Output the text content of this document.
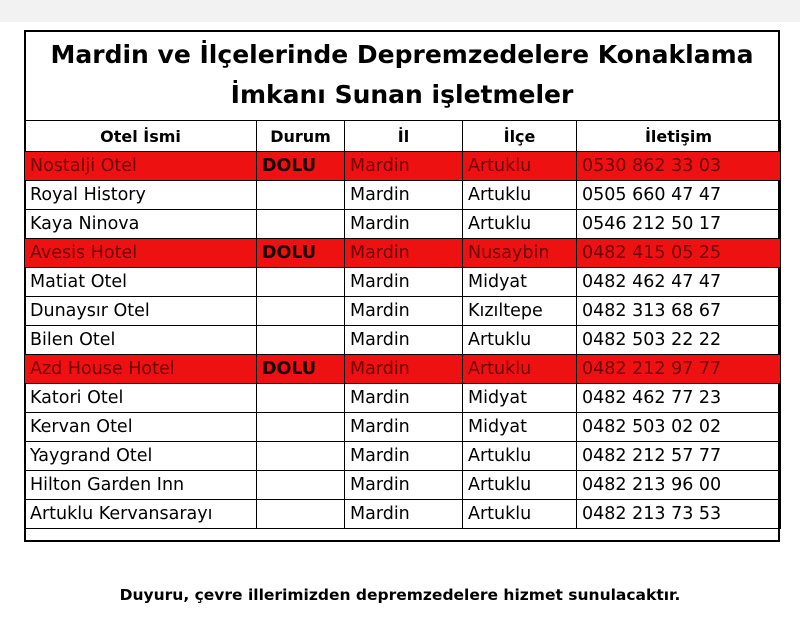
Mardin ve İlçelerinde Depremzedelere Konaklama İmkanı Sunan işletmeler
Otel İsmi	Durum	İl	İlçe	İletişim
Nostalji Otel	DOLU	Mardin	Artuklu	0530 862 33 03
Royal History		Mardin	Artuklu	0505 660 47 47
Kaya Ninova		Mardin	Artuklu	0546 212 50 17
Avesis Hotel	DOLU	Mardin	Nusaybin	0482 415 05 25
Matiat Otel		Mardin	Midyat	0482 462 47 47
Dunaysır Otel		Mardin	Kızıltepe	0482 313 68 67
Bilen Otel		Mardin	Artuklu	0482 503 22 22
Azd House Hotel	DOLU	Mardin	Artuklu	0482 212 97 77
Katori Otel		Mardin	Midyat	0482 462 77 23
Kervan Otel		Mardin	Midyat	0482 503 02 02
Yaygrand Otel		Mardin	Artuklu	0482 212 57 77
Hilton Garden Inn		Mardin	Artuklu	0482 213 96 00
Artuklu Kervansarayı		Mardin	Artuklu	0482 213 73 53
Duyuru, çevre illerimizden depremzedelere hizmet sunulacaktır.
